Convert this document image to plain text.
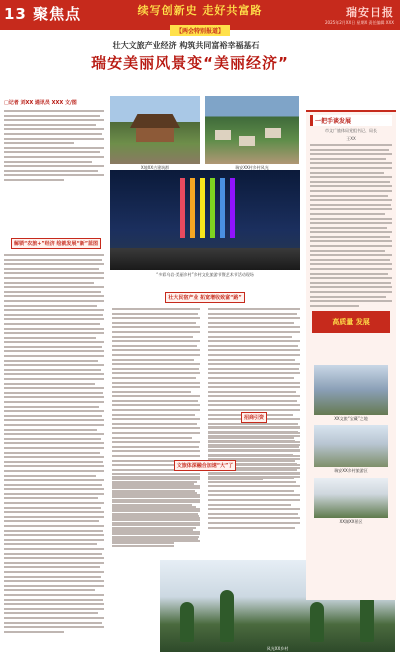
13 聚焦点	续写创新史 走好共富路
【两会特别报道】
瑞安日报
2025年2月XX日 星期X 责任编辑 XXX
壮大文旅产业经济 构筑共同富裕幸福基石
瑞安美丽风景变“美丽经济”
X地XX古建筑群	瑞安XX村乡村风光
“多彩乌岩·美丽乡村”乡村文化旅游节暨艺术节活动现场
风光XX乡村
□记者 刘XX 通讯员 XXX 文/图
解锁“农旅+”经济 绘就发展“新”蓝图
壮大民宿产业 拓宽增收致富“路”
招商引资
文旅体深融合加速“大”了
一把手谈发展
市文广旅体局党组书记、局长
王XX
高质量 发展
XX文旅“宝藏”之地
瑞安XX乡村旅游区
XX湖XX景区
